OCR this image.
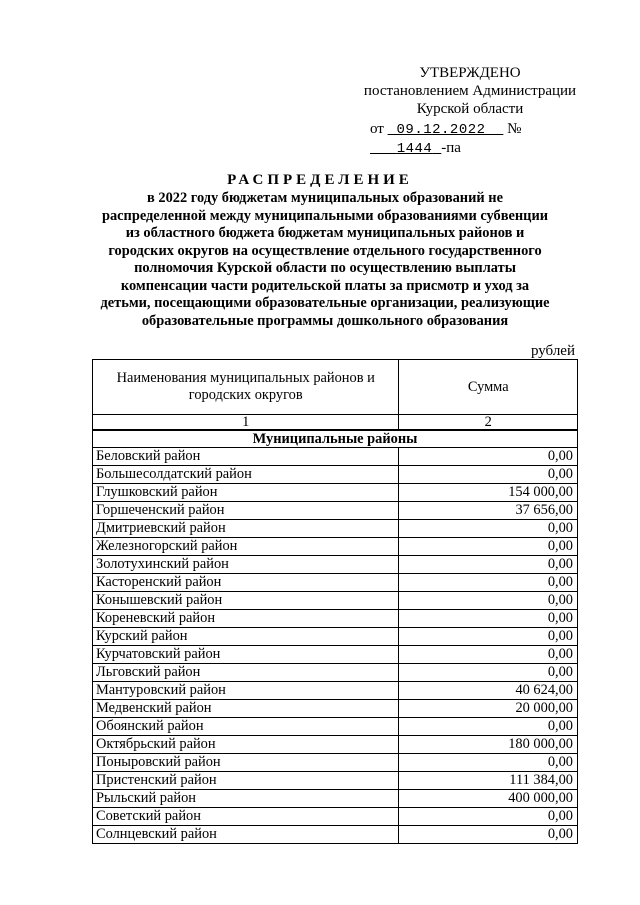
УТВЕРЖДЕНО
постановлением Администрации
Курской области
от 09.12.2022 №    1444 -па
РАСПРЕДЕЛЕНИЕ
в 2022 году бюджетам муниципальных образований не
распределенной между муниципальными образованиями субвенции
из областного бюджета бюджетам муниципальных районов и
городских округов на осуществление отдельного государственного
полномочия Курской области по осуществлению выплаты
компенсации части родительской платы за присмотр и уход за
детьми, посещающими образовательные организации, реализующие
образовательные программы дошкольного образования
рублей
Наименования муниципальных районов и городских округов	Сумма
1	2
Муниципальные районы	
Беловский район	0,00
Большесолдатский район	0,00
Глушковский район	154 000,00
Горшеченский район	37 656,00
Дмитриевский район	0,00
Железногорский район	0,00
Золотухинский район	0,00
Касторенский район	0,00
Конышевский район	0,00
Кореневский район	0,00
Курский район	0,00
Курчатовский район	0,00
Льговский район	0,00
Мантуровский район	40 624,00
Медвенский район	20 000,00
Обоянский район	0,00
Октябрьский район	180 000,00
Поныровский район	0,00
Пристенский район	111 384,00
Рыльский район	400 000,00
Советский район	0,00
Солнцевский район	0,00
